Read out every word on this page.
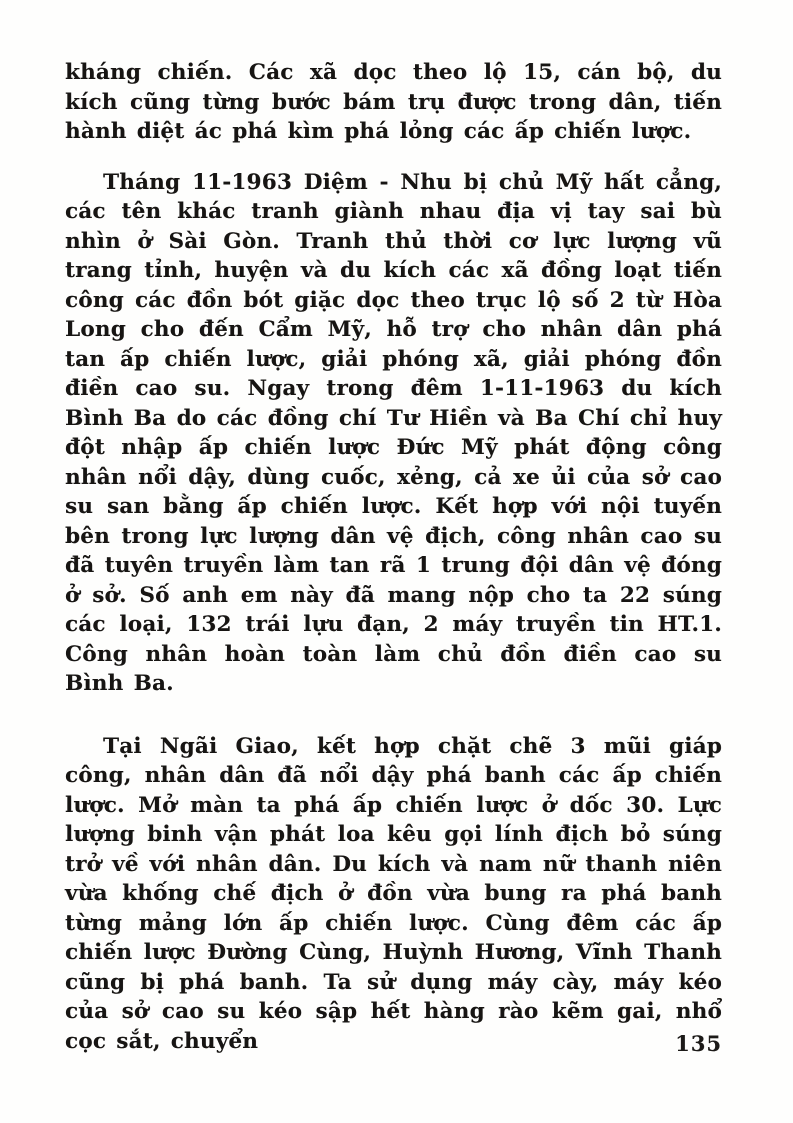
kháng chiến. Các xã dọc theo lộ 15, cán bộ, du kích cũng từng bước bám trụ được trong dân, tiến hành diệt ác phá kìm phá lỏng các ấp chiến lược.

Tháng 11-1963 Diệm - Nhu bị chủ Mỹ hất cẳng, các tên khác tranh giành nhau địa vị tay sai bù nhìn ở Sài Gòn. Tranh thủ thời cơ lực lượng vũ trang tỉnh, huyện và du kích các xã đồng loạt tiến công các đồn bót giặc dọc theo trục lộ số 2 từ Hòa Long cho đến Cẩm Mỹ, hỗ trợ cho nhân dân phá tan ấp chiến lược, giải phóng xã, giải phóng đồn điền cao su. Ngay trong đêm 1-11-1963 du kích Bình Ba do các đồng chí Tư Hiền và Ba Chí chỉ huy đột nhập ấp chiến lược Đức Mỹ phát động công nhân nổi dậy, dùng cuốc, xẻng, cả xe ủi của sở cao su san bằng ấp chiến lược. Kết hợp với nội tuyến bên trong lực lượng dân vệ địch, công nhân cao su đã tuyên truyền làm tan rã 1 trung đội dân vệ đóng ở sở. Số anh em này đã mang nộp cho ta 22 súng các loại, 132 trái lựu đạn, 2 máy truyền tin HT.1. Công nhân hoàn toàn làm chủ đồn điền cao su Bình Ba.

Tại Ngãi Giao, kết hợp chặt chẽ 3 mũi giáp công, nhân dân đã nổi dậy phá banh các ấp chiến lược. Mở màn ta phá ấp chiến lược ở dốc 30. Lực lượng binh vận phát loa kêu gọi lính địch bỏ súng trở về với nhân dân. Du kích và nam nữ thanh niên vừa khống chế địch ở đồn vừa bung ra phá banh từng mảng lớn ấp chiến lược. Cùng đêm các ấp chiến lược Đường Cùng, Huỳnh Hương, Vĩnh Thanh cũng bị phá banh. Ta sử dụng máy cày, máy kéo của sở cao su kéo sập hết hàng rào kẽm gai, nhổ cọc sắt, chuyển	135
